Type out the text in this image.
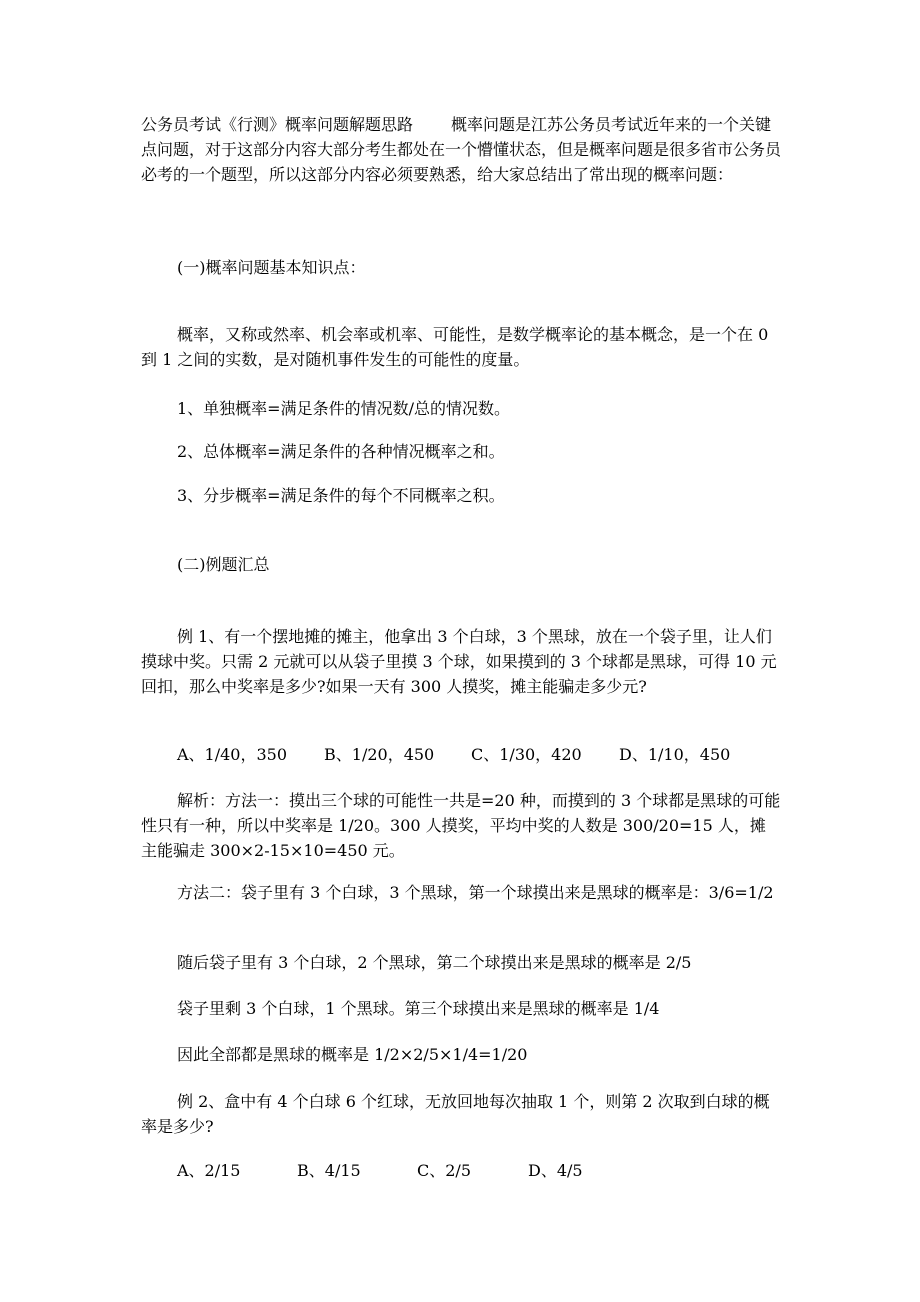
公务员考试《行测》概率问题解题思路 概率问题是江苏公务员考试近年来的一个关键点问题，对于这部分内容大部分考生都处在一个懵懂状态，但是概率问题是很多省市公务员必考的一个题型，所以这部分内容必须要熟悉，给大家总结出了常出现的概率问题：

(一)概率问题基本知识点：

概率，又称或然率、机会率或机率、可能性，是数学概率论的基本概念，是一个在 0 到 1 之间的实数，是对随机事件发生的可能性的度量。

1、单独概率=满足条件的情况数/总的情况数。

2、总体概率=满足条件的各种情况概率之和。

3、分步概率=满足条件的每个不同概率之积。

(二)例题汇总

例 1、有一个摆地摊的摊主，他拿出 3 个白球，3 个黑球，放在一个袋子里，让人们摸球中奖。只需 2 元就可以从袋子里摸 3 个球，如果摸到的 3 个球都是黑球，可得 10 元回扣，那么中奖率是多少?如果一天有 300 人摸奖，摊主能骗走多少元?

A、1/40，350 B、1/20，450 C、1/30，420 D、1/10，450

解析：方法一：摸出三个球的可能性一共是=20 种，而摸到的 3 个球都是黑球的可能性只有一种，所以中奖率是 1/20。300 人摸奖，平均中奖的人数是 300/20=15 人，摊主能骗走 300×2-15×10=450 元。

方法二：袋子里有 3 个白球，3 个黑球，第一个球摸出来是黑球的概率是：3/6=1/2

随后袋子里有 3 个白球，2 个黑球，第二个球摸出来是黑球的概率是 2/5

袋子里剩 3 个白球，1 个黑球。第三个球摸出来是黑球的概率是 1/4

因此全部都是黑球的概率是 1/2×2/5×1/4=1/20

例 2、盒中有 4 个白球 6 个红球，无放回地每次抽取 1 个，则第 2 次取到白球的概率是多少?

A、2/15	B、4/15	C、2/5	D、4/5
